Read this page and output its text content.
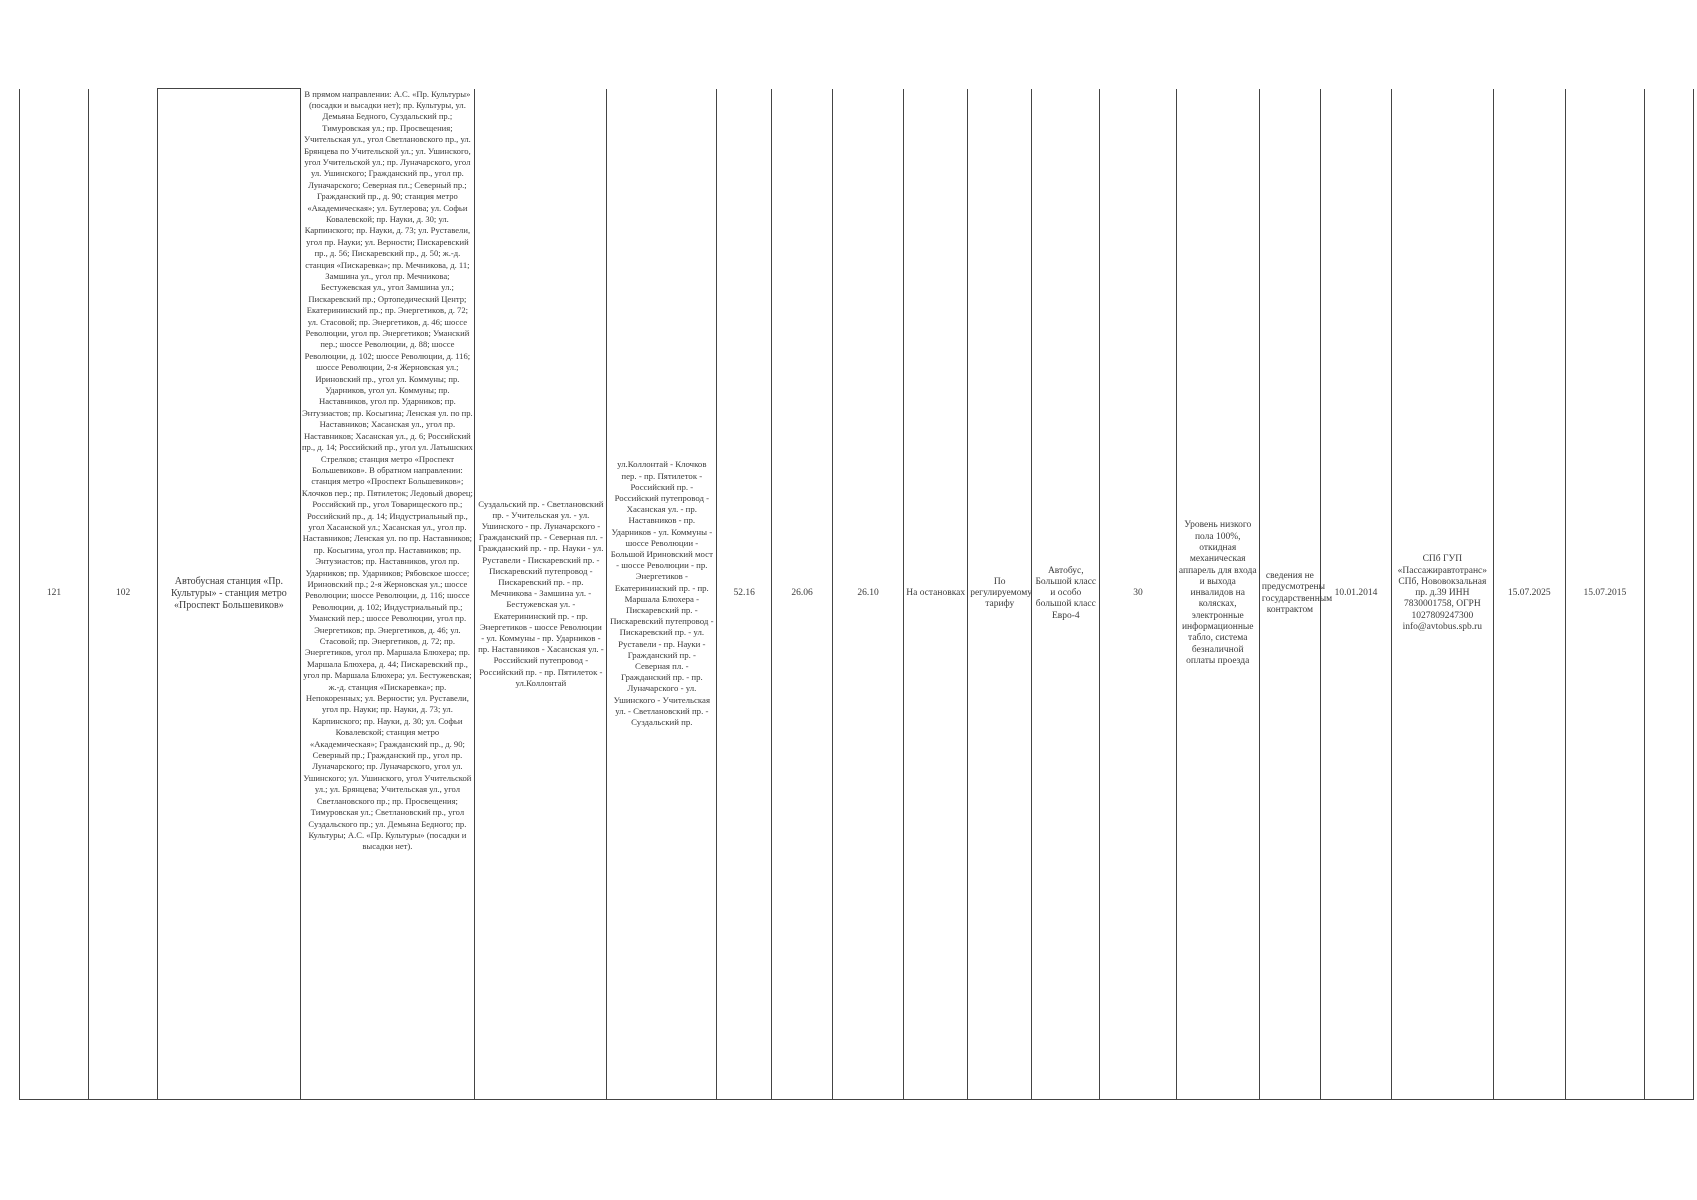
121	102	Автобусная станция «Пр. Культуры» - станция метро «Проспект Большевиков»	В прямом направлении: А.С. «Пр. Культуры» (посадки и высадки нет); пр. Культуры, ул. Демьяна Бедного, Суздальский пр.; Тимуровская ул.; пр. Просвещения; Учительская ул., угол Светлановского пр., ул. Брянцева по Учительской ул.; ул. Ушинского, угол Учительской ул.; пр. Луначарского, угол ул. Ушинского; Гражданский пр., угол пр. Луначарского; Северная пл.; Северный пр.; Гражданский пр., д. 90; станция метро «Академическая»; ул. Бутлерова; ул. Софьи Ковалевской; пр. Науки, д. 30; ул. Карпинского; пр. Науки, д. 73; ул. Руставели, угол пр. Науки; ул. Верности; Пискаревский пр., д. 56; Пискаревский пр., д. 50; ж.-д. станция «Пискаревка»; пр. Мечникова, д. 11; Замшина ул., угол пр. Мечникова; Бестужевская ул., угол Замшина ул.; Пискаревский пр.; Ортопедический Центр; Екатерининский пр.; пр. Энергетиков, д. 72; ул. Стасовой; пр. Энергетиков, д. 46; шоссе Революции, угол пр. Энергетиков; Уманский пер.; шоссе Революции, д. 88; шоссе Революции, д. 102; шоссе Революции, д. 116; шоссе Революции, 2-я Жерновская ул.; Ириновский пр., угол ул. Коммуны; пр. Ударников, угол ул. Коммуны; пр. Наставников, угол пр. Ударников; пр. Энтузиастов; пр. Косыгина; Ленская ул. по пр. Наставников; Хасанская ул., угол пр. Наставников; Хасанская ул., д. 6; Российский пр., д. 14; Российский пр., угол ул. Латышских Стрелков; станция метро «Проспект Большевиков». В обратном направлении: станция метро «Проспект Большевиков»; Клочков пер.; пр. Пятилеток; Ледовый дворец; Российский пр., угол Товарищеского пр.; Российский пр., д. 14; Индустриальный пр., угол Хасанской ул.; Хасанская ул., угол пр. Наставников; Ленская ул. по пр. Наставников; пр. Косыгина, угол пр. Наставников; пр. Энтузиастов; пр. Наставников, угол пр. Ударников; пр. Ударников; Рябовское шоссе; Ириновский пр.; 2-я Жерновская ул.; шоссе Революции; шоссе Революции, д. 116; шоссе Революции, д. 102; Индустриальный пр.; Уманский пер.; шоссе Революции, угол пр. Энергетиков; пр. Энергетиков, д. 46; ул. Стасовой; пр. Энергетиков, д. 72; пр. Энергетиков, угол пр. Маршала Блюхера; пр. Маршала Блюхера, д. 44; Пискаревский пр., угол пр. Маршала Блюхера; ул. Бестужевская; ж.-д. станция «Пискаревка»; пр. Непокоренных; ул. Верности; ул. Руставели, угол пр. Науки; пр. Науки, д. 73; ул. Карпинского; пр. Науки, д. 30; ул. Софьи Ковалевской; станция метро «Академическая»; Гражданский пр., д. 90; Северный пр.; Гражданский пр., угол пр. Луначарского; пр. Луначарского, угол ул. Ушинского; ул. Ушинского, угол Учительской ул.; ул. Брянцева; Учительская ул., угол Светлановского пр.; пр. Просвещения; Тимуровская ул.; Светлановский пр., угол Суздальского пр.; ул. Демьяна Бедного; пр. Культуры; А.С. «Пр. Культуры» (посадки и высадки нет).	Суздальский пр. - Светлановский пр. - Учительская ул. - ул. Ушинского - пр. Луначарского - Гражданский пр. - Северная пл. - Гражданский пр. - пр. Науки - ул. Руставели - Пискаревский пр. - Пискаревский путепровод - Пискаревский пр. - пр. Мечникова - Замшина ул. - Бестужевская ул. - Екатерининский пр. - пр. Энергетиков - шоссе Революции - ул. Коммуны - пр. Ударников - пр. Наставников - Хасанская ул. - Российский путепровод - Российский пр. - пр. Пятилеток - ул.Коллонтай	ул.Коллонтай - Клочков пер. - пр. Пятилеток - Российский пр. - Российский путепровод - Хасанская ул. - пр. Наставников - пр. Ударников - ул. Коммуны - шоссе Революции - Большой Ириновский мост - шоссе Революции - пр. Энергетиков - Екатерининский пр. - пр. Маршала Блюхера - Пискаревский пр. - Пискаревский путепровод - Пискаревский пр. - ул. Руставели - пр. Науки - Гражданский пр. - Северная пл. - Гражданский пр. - пр. Луначарского - ул. Ушинского - Учительская ул. - Светлановский пр. - Суздальский пр.	52.16	26.06	26.10	На остановках	По регулируемому тарифу	Автобус, Большой класс и особо большой класс Евро-4	30	Уровень низкого пола 100%, откидная механическая аппарель для входа и выхода инвалидов на колясках, электронные информационные табло, система безналичной оплаты проезда	сведения не предусмотрены государственным контрактом	10.01.2014	СПб ГУП «Пассажиравтотранс» СПб, Нововокзальная пр. д.39 ИНН 7830001758, ОГРН 1027809247300 info@avtobus.spb.ru	15.07.2025	15.07.2015	
